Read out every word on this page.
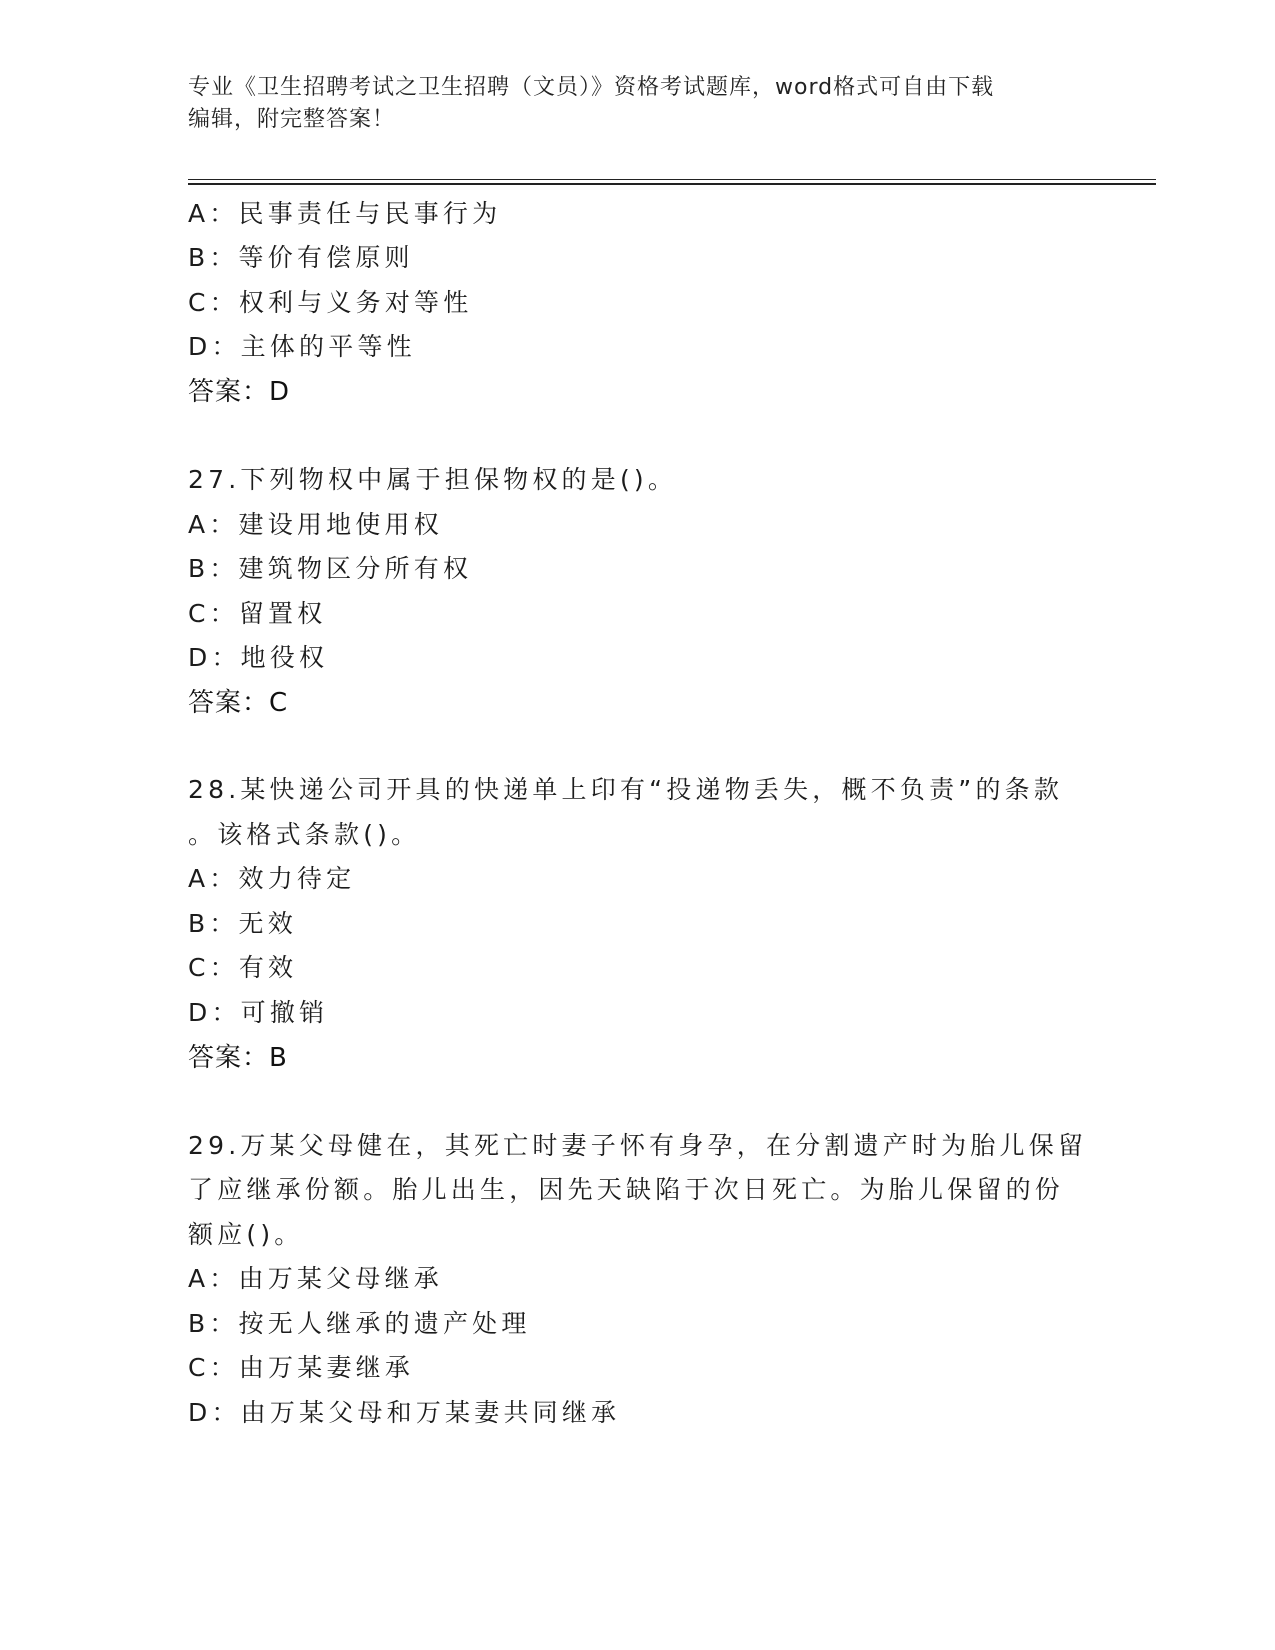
专业《卫生招聘考试之卫生招聘（文员）》资格考试题库，word格式可自由下载
编辑，附完整答案！
A：民事责任与民事行为
B：等价有偿原则
C：权利与义务对等性
D：主体的平等性
答案：D
27.下列物权中属于担保物权的是()。
A：建设用地使用权
B：建筑物区分所有权
C：留置权
D：地役权
答案：C
28.某快递公司开具的快递单上印有“投递物丢失，概不负责”的条款
。该格式条款()。
A：效力待定
B：无效
C：有效
D：可撤销
答案：B
29.万某父母健在，其死亡时妻子怀有身孕，在分割遗产时为胎儿保留
了应继承份额。胎儿出生，因先天缺陷于次日死亡。为胎儿保留的份
额应()。
A：由万某父母继承
B：按无人继承的遗产处理
C：由万某妻继承
D：由万某父母和万某妻共同继承
